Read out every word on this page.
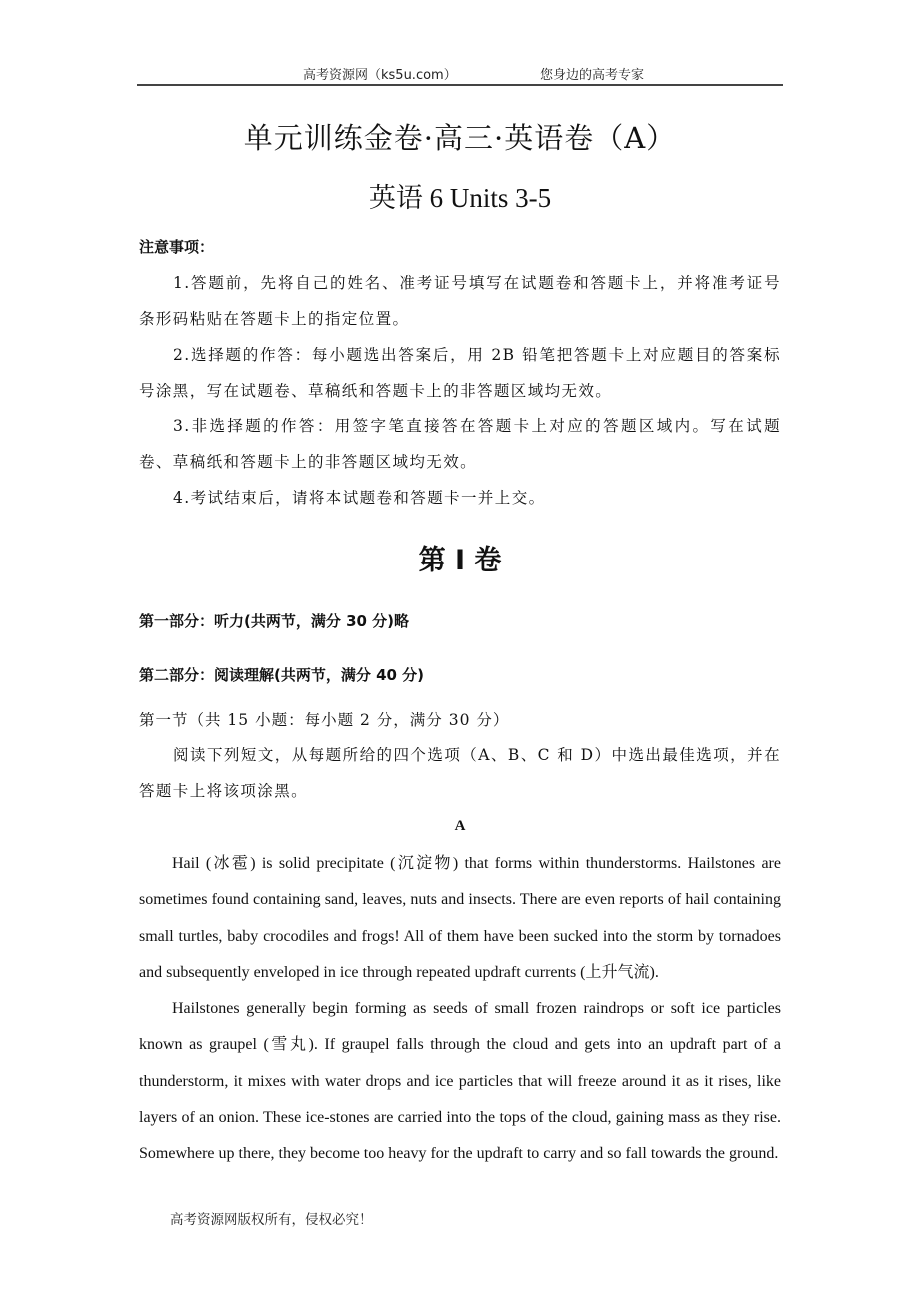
高考资源网（ks5u.com）	您身边的高考专家
单元训练金卷·高三·英语卷（A）
英语 6 Units 3-5
注意事项：
1.答题前，先将自己的姓名、准考证号填写在试题卷和答题卡上，并将准考证号条形码粘贴在答题卡上的指定位置。
2.选择题的作答：每小题选出答案后，用 2B 铅笔把答题卡上对应题目的答案标号涂黑，写在试题卷、草稿纸和答题卡上的非答题区域均无效。
3.非选择题的作答：用签字笔直接答在答题卡上对应的答题区域内。写在试题卷、草稿纸和答题卡上的非答题区域均无效。
4.考试结束后，请将本试题卷和答题卡一并上交。
第 I 卷
第一部分：听力(共两节，满分 30 分)略
第二部分：阅读理解(共两节，满分 40 分)
第一节（共 15 小题：每小题 2 分，满分 30 分）
阅读下列短文，从每题所给的四个选项（A、B、C 和 D）中选出最佳选项，并在答题卡上将该项涂黑。
A
Hail (冰雹) is solid precipitate (沉淀物) that forms within thunderstorms. Hailstones are sometimes found containing sand, leaves, nuts and insects. There are even reports of hail containing small turtles, baby crocodiles and frogs! All of them have been sucked into the storm by tornadoes and subsequently enveloped in ice through repeated updraft currents (上升气流).
Hailstones generally begin forming as seeds of small frozen raindrops or soft ice particles known as graupel (雪丸). If graupel falls through the cloud and gets into an updraft part of a thunderstorm, it mixes with water drops and ice particles that will freeze around it as it rises, like layers of an onion. These ice-stones are carried into the tops of the cloud, gaining mass as they rise. Somewhere up there, they become too heavy for the updraft to carry and so fall towards the ground.
高考资源网版权所有，侵权必究！
